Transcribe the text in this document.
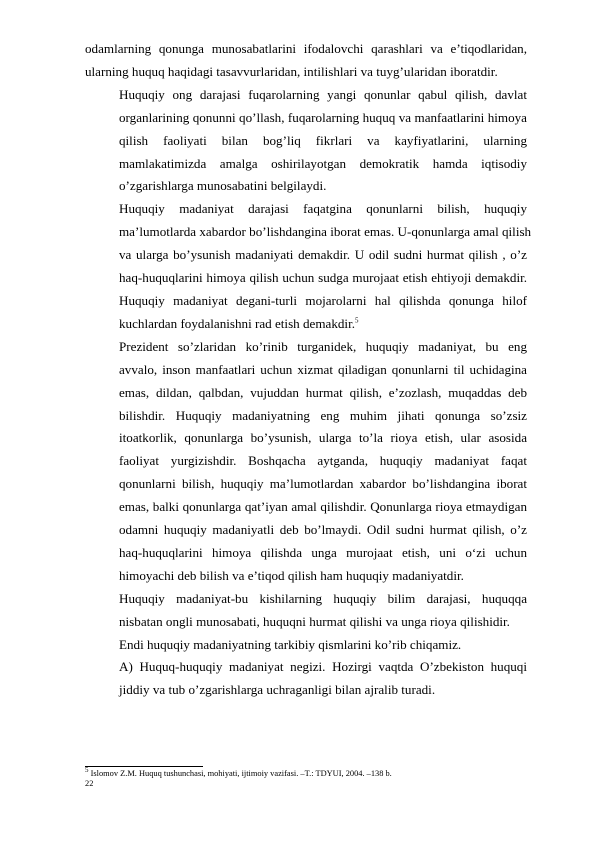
odamlarning qonunga munosabatlarini ifodalovchi qarashlari va e’tiqodlaridan,
ularning huquq haqidagi tasavvurlaridan, intilishlari va tuyg’ularidan iboratdir.

Huquqiy ong darajasi fuqarolarning yangi qonunlar qabul qilish, davlat
organlarining qonunni qo’llash, fuqarolarning huquq va manfaatlarini himoya
qilish faoliyati bilan bog’liq fikrlari va kayfiyatlarini, ularning
mamlakatimizda amalga oshirilayotgan demokratik hamda iqtisodiy
o’zgarishlarga munosabatini belgilaydi.

Huquqiy madaniyat darajasi faqatgina qonunlarni bilish, huquqiy
ma’lumotlarda xabardor bo’lishdangina iborat emas. U-qonunlarga amal qilish
va ularga bo’ysunish madaniyati demakdir. U odil sudni hurmat qilish , o’z
haq-huquqlarini himoya qilish uchun sudga murojaat etish ehtiyoji demakdir.
Huquqiy madaniyat degani-turli mojarolarni hal qilishda qonunga hilof
kuchlardan foydalanishni rad etish demakdir.$^5$

Prezident so’zlaridan ko’rinib turganidek, huquqiy madaniyat, bu eng
avvalo, inson manfaatlari uchun xizmat qiladigan qonunlarni til uchidagina
emas, dildan, qalbdan, vujuddan hurmat qilish, e’zozlash, muqaddas deb
bilishdir. Huquqiy madaniyatning eng muhim jihati qonunga so’zsiz
itoatkorlik, qonunlarga bo’ysunish, ularga to’la rioya etish, ular asosida
faoliyat yurgizishdir. Boshqacha aytganda, huquqiy madaniyat faqat
qonunlarni bilish, huquqiy ma’lumotlardan xabardor bo’lishdangina iborat
emas, balki qonunlarga qat’iyan amal qilishdir. Qonunlarga rioya etmaydigan
odamni huquqiy madaniyatli deb bo’lmaydi. Odil sudni hurmat qilish, o’z
haq-huquqlarini himoya qilishda unga murojaat etish, uni o‘zi uchun
himoyachi deb bilish va e’tiqod qilish ham huquqiy madaniyatdir.

Huquqiy madaniyat-bu kishilarning huquqiy bilim darajasi, huquqqa
nisbatan ongli munosabati, huquqni hurmat qilishi va unga rioya qilishidir.

Endi huquqiy madaniyatning tarkibiy qismlarini ko’rib chiqamiz.

A) Huquq-huquqiy madaniyat negizi. Hozirgi vaqtda O’zbekiston huquqi
jiddiy va tub o’zgarishlarga uchraganligi bilan ajralib turadi.

$^5$ Islomov Z.M. Huquq tushunchasi, mohiyati, ijtimoiy vazifasi. –T.: TDYUI, 2004. –138 b.
22
